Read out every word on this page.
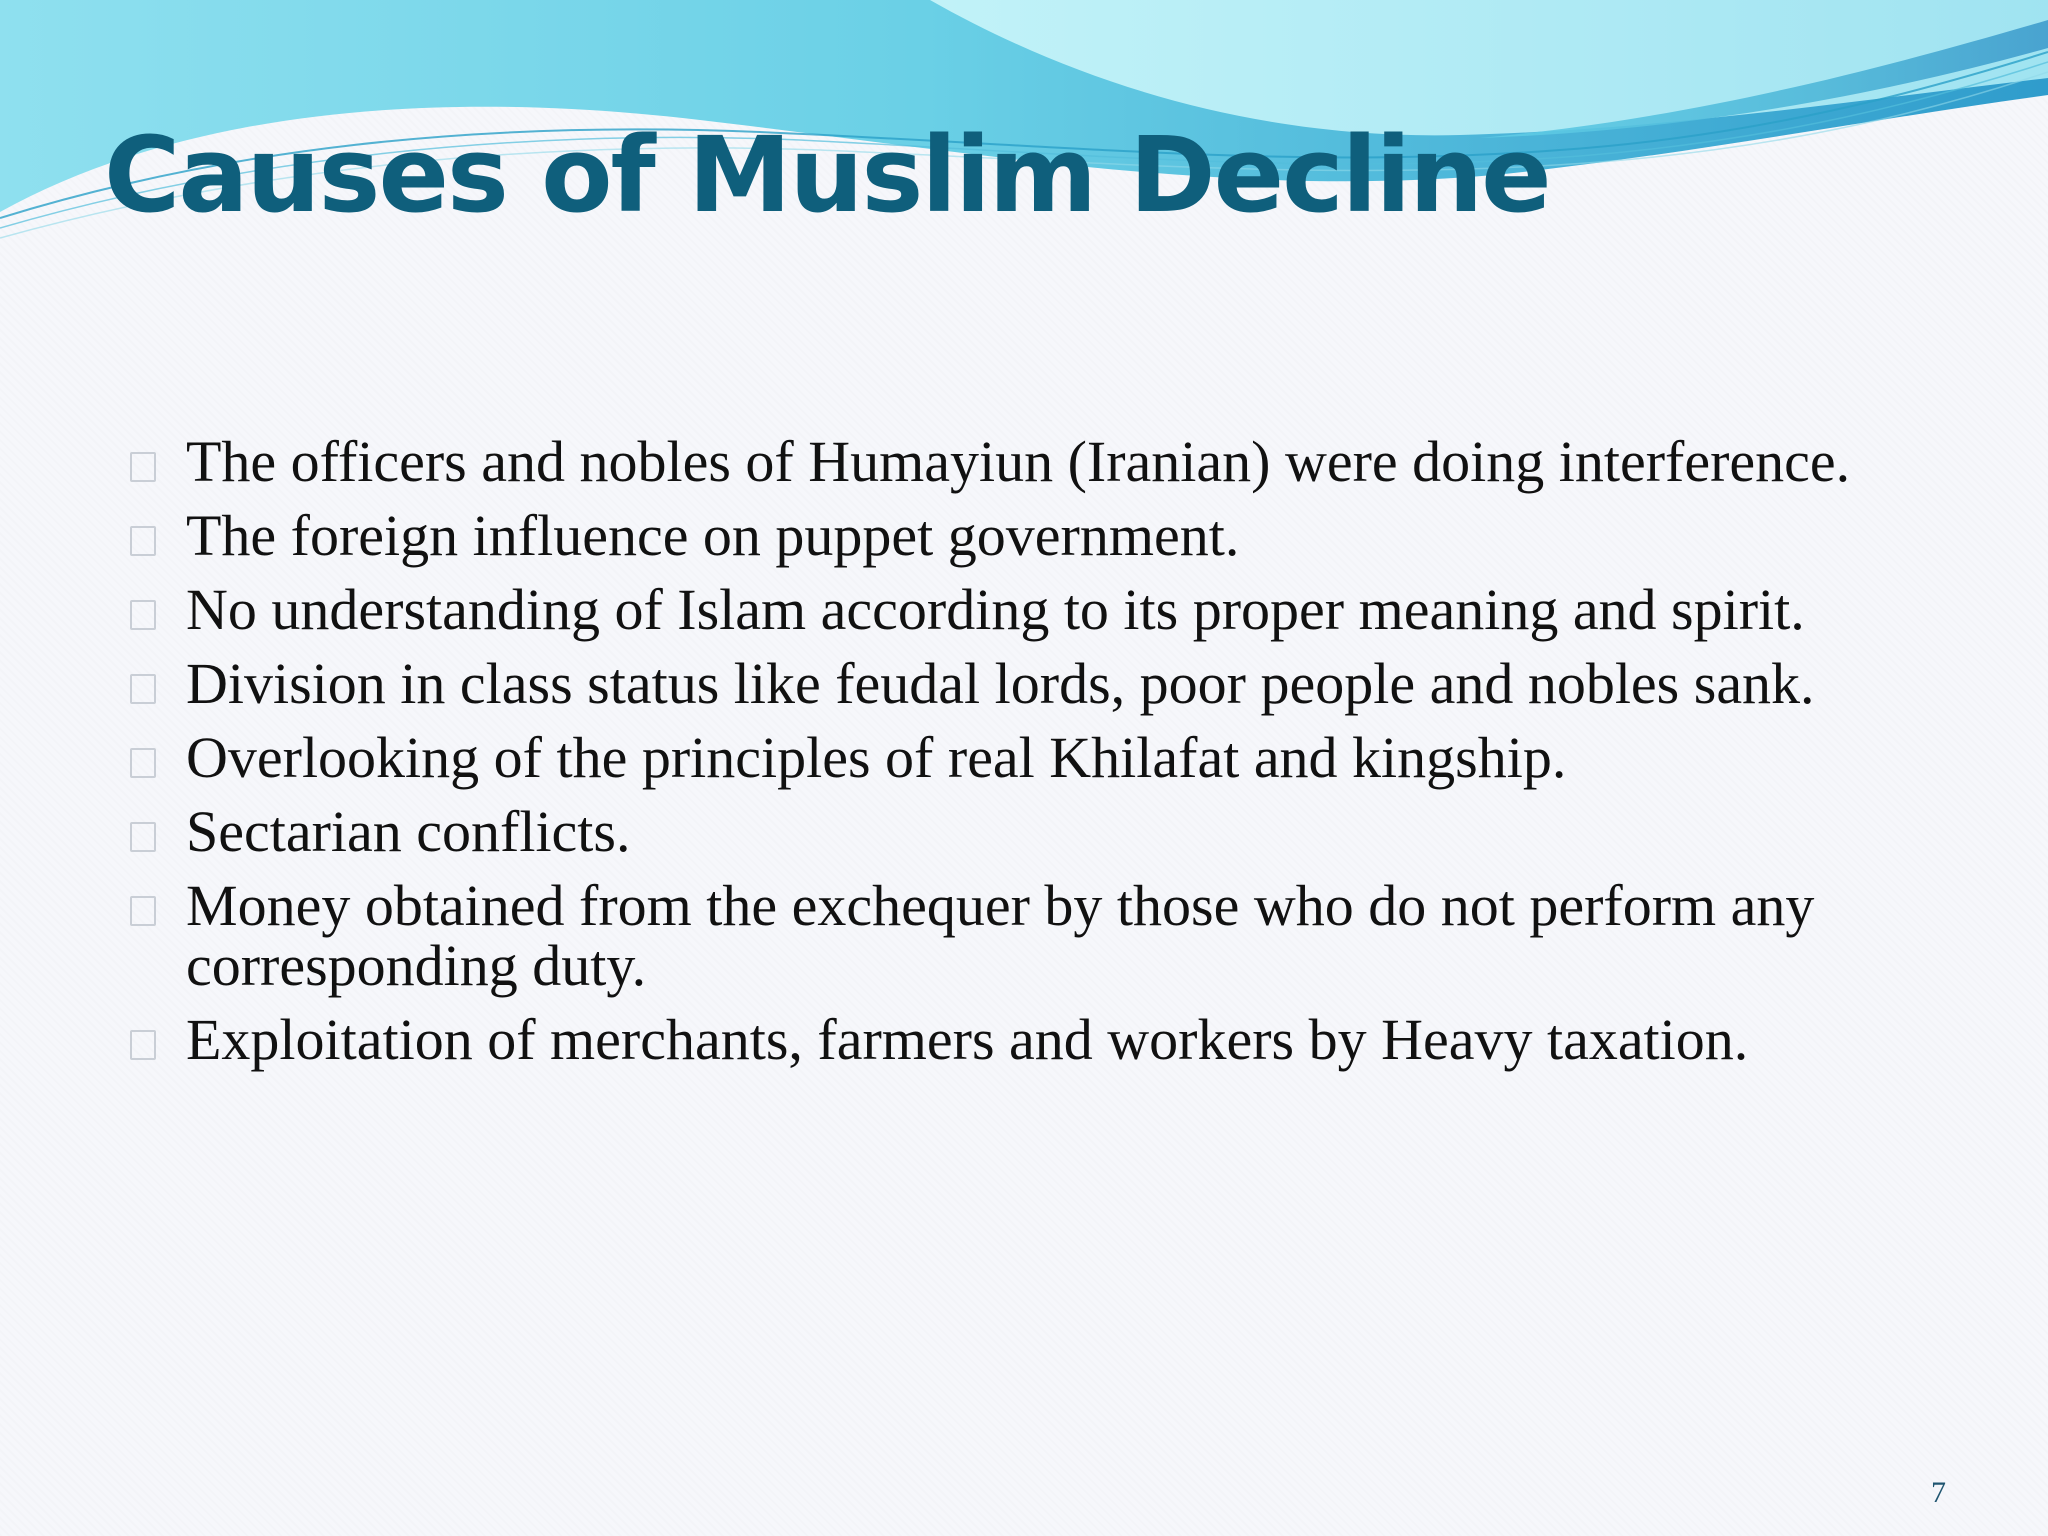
Causes of Muslim Decline
The officers and nobles of Humayiun (Iranian) were doing interference.
The foreign influence on puppet government.
No understanding of Islam according to its proper meaning and spirit.
Division in class status like feudal lords, poor people and nobles sank.
Overlooking of the principles of real Khilafat and kingship.
Sectarian conflicts.
Money obtained from the exchequer by those who do not perform any corresponding duty.
Exploitation of merchants, farmers and workers by Heavy taxation.
7
